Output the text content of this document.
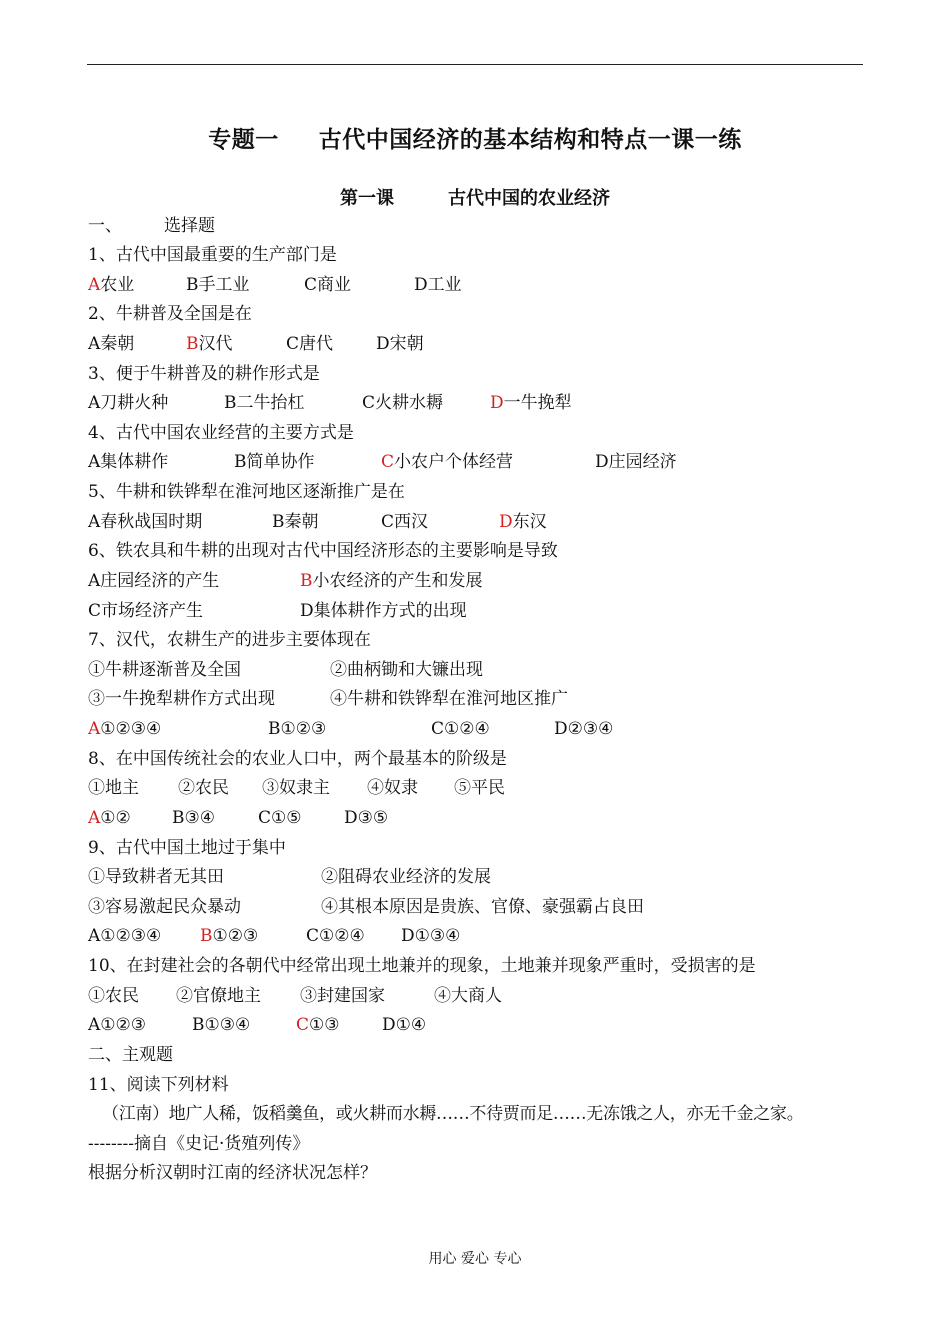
专题一 古代中国经济的基本结构和特点一课一练
第一课	古代中国的农业经济
一、 选择题
1、古代中国最重要的生产部门是
A农业	B手工业	C商业	D工业
2、牛耕普及全国是在
A秦朝	B汉代	C唐代	D宋朝
3、便于牛耕普及的耕作形式是
A刀耕火种	B二牛抬杠	C火耕水耨	D一牛挽犁
4、古代中国农业经营的主要方式是
A集体耕作	B简单协作	C小农户个体经营	D庄园经济
5、牛耕和铁铧犁在淮河地区逐渐推广是在
A春秋战国时期	B秦朝	C西汉	D东汉
6、铁农具和牛耕的出现对古代中国经济形态的主要影响是导致
A庄园经济的产生	B小农经济的产生和发展
C市场经济产生	D集体耕作方式的出现
7、汉代，农耕生产的进步主要体现在
①牛耕逐渐普及全国	②曲柄锄和大镰出现
③一牛挽犁耕作方式出现	④牛耕和铁铧犁在淮河地区推广
A①②③④	B①②③	C①②④	D②③④
8、在中国传统社会的农业人口中，两个最基本的阶级是
①地主 ②农民 ③奴隶主 ④奴隶 ⑤平民
A①② B③④	C①⑤	D③⑤
9、古代中国土地过于集中
①导致耕者无其田	②阻碍农业经济的发展
③容易激起民众暴动	④其根本原因是贵族、官僚、豪强霸占良田
A①②③④ B①②③	C①②④ D①③④
10、在封建社会的各朝代中经常出现土地兼并的现象，土地兼并现象严重时，受损害的是
①农民 ②官僚地主 ③封建国家	④大商人
A①②③	B①③④	C①③	D①④
二、主观题
11、阅读下列材料
（江南）地广人稀，饭稻羹鱼，或火耕而水耨……不待贾而足……无冻饿之人，亦无千金之家。
--------摘自《史记·货殖列传》
根据分析汉朝时江南的经济状况怎样？
用心 爱心 专心
